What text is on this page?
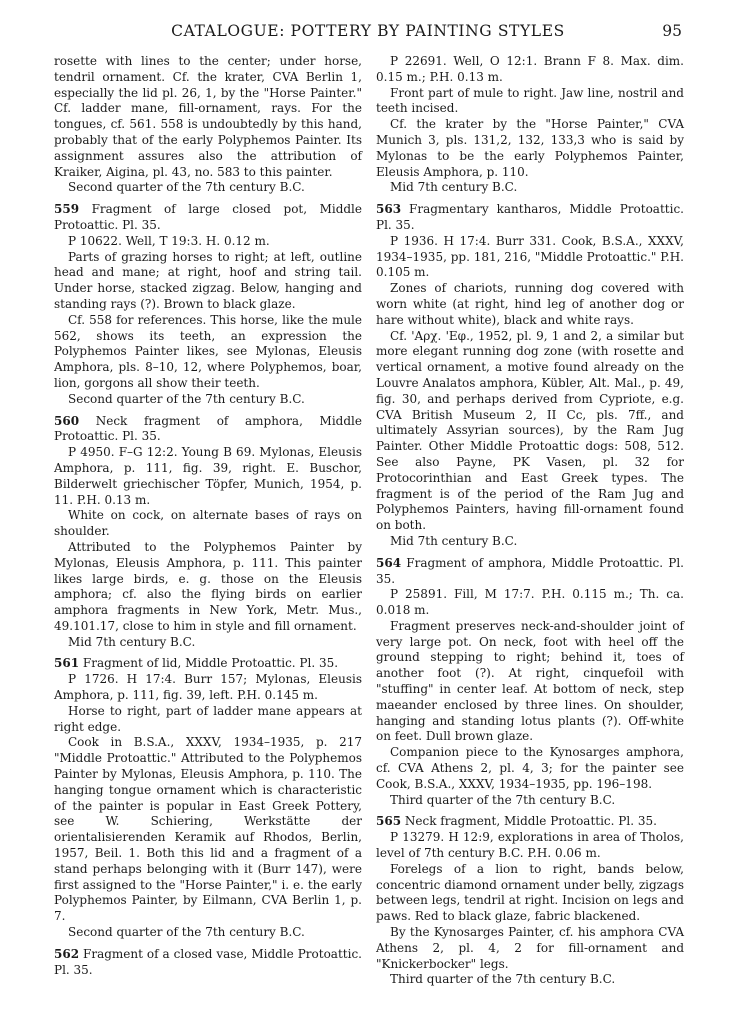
CATALOGUE: POTTERY BY PAINTING STYLES	95

rosette with lines to the center; under horse, tendril ornament. Cf. the krater, CVA Berlin 1, especially the lid pl. 26, 1, by the "Horse Painter." Cf. ladder mane, fill-ornament, rays. For the tongues, cf. 561. 558 is undoubtedly by this hand, probably that of the early Polyphemos Painter. Its assignment assures also the attribution of Kraiker, Aigina, pl. 43, no. 583 to this painter.

Second quarter of the 7th century B.C.

559 Fragment of large closed pot, Middle Protoattic. Pl. 35.

P 10622. Well, T 19:3. H. 0.12 m.

Parts of grazing horses to right; at left, outline head and mane; at right, hoof and string tail. Under horse, stacked zigzag. Below, hanging and standing rays (?). Brown to black glaze.

Cf. 558 for references. This horse, like the mule 562, shows its teeth, an expression the Polyphemos Painter likes, see Mylonas, Eleusis Amphora, pls. 8–10, 12, where Polyphemos, boar, lion, gorgons all show their teeth.

Second quarter of the 7th century B.C.

560 Neck fragment of amphora, Middle Protoattic. Pl. 35.

P 4950. F–G 12:2. Young B 69. Mylonas, Eleusis Amphora, p. 111, fig. 39, right. E. Buschor, Bilderwelt griechischer Töpfer, Munich, 1954, p. 11. P.H. 0.13 m.

White on cock, on alternate bases of rays on shoulder.

Attributed to the Polyphemos Painter by Mylonas, Eleusis Amphora, p. 111. This painter likes large birds, e. g. those on the Eleusis amphora; cf. also the flying birds on earlier amphora fragments in New York, Metr. Mus., 49.101.17, close to him in style and fill ornament.

Mid 7th century B.C.

561 Fragment of lid, Middle Protoattic. Pl. 35.

P 1726. H 17:4. Burr 157; Mylonas, Eleusis Amphora, p. 111, fig. 39, left. P.H. 0.145 m.

Horse to right, part of ladder mane appears at right edge.

Cook in B.S.A., XXXV, 1934–1935, p. 217 "Middle Protoattic." Attributed to the Polyphemos Painter by Mylonas, Eleusis Amphora, p. 110. The hanging tongue ornament which is characteristic of the painter is popular in East Greek Pottery, see W. Schiering, Werkstätte der orientalisierenden Keramik auf Rhodos, Berlin, 1957, Beil. 1. Both this lid and a fragment of a stand perhaps belonging with it (Burr 147), were first assigned to the "Horse Painter," i. e. the early Polyphemos Painter, by Eilmann, CVA Berlin 1, p. 7.

Second quarter of the 7th century B.C.

562 Fragment of a closed vase, Middle Protoattic. Pl. 35.

P 22691. Well, O 12:1. Brann F 8. Max. dim. 0.15 m.; P.H. 0.13 m.

Front part of mule to right. Jaw line, nostril and teeth incised.

Cf. the krater by the "Horse Painter," CVA Munich 3, pls. 131,2, 132, 133,3 who is said by Mylonas to be the early Polyphemos Painter, Eleusis Amphora, p. 110.

Mid 7th century B.C.

563 Fragmentary kantharos, Middle Protoattic. Pl. 35.

P 1936. H 17:4. Burr 331. Cook, B.S.A., XXXV, 1934–1935, pp. 181, 216, "Middle Protoattic." P.H. 0.105 m.

Zones of chariots, running dog covered with worn white (at right, hind leg of another dog or hare without white), black and white rays.

Cf. 'Αρχ. 'Εφ., 1952, pl. 9, 1 and 2, a similar but more elegant running dog zone (with rosette and vertical ornament, a motive found already on the Louvre Analatos amphora, Kübler, Alt. Mal., p. 49, fig. 30, and perhaps derived from Cypriote, e.g. CVA British Museum 2, II Cc, pls. 7ff., and ultimately Assyrian sources), by the Ram Jug Painter. Other Middle Protoattic dogs: 508, 512. See also Payne, PK Vasen, pl. 32 for Protocorinthian and East Greek types. The fragment is of the period of the Ram Jug and Polyphemos Painters, having fill-ornament found on both.

Mid 7th century B.C.

564 Fragment of amphora, Middle Protoattic. Pl. 35.

P 25891. Fill, M 17:7. P.H. 0.115 m.; Th. ca. 0.018 m.

Fragment preserves neck-and-shoulder joint of very large pot. On neck, foot with heel off the ground stepping to right; behind it, toes of another foot (?). At right, cinquefoil with "stuffing" in center leaf. At bottom of neck, step maeander enclosed by three lines. On shoulder, hanging and standing lotus plants (?). Off-white on feet. Dull brown glaze.

Companion piece to the Kynosarges amphora, cf. CVA Athens 2, pl. 4, 3; for the painter see Cook, B.S.A., XXXV, 1934–1935, pp. 196–198.

Third quarter of the 7th century B.C.

565 Neck fragment, Middle Protoattic. Pl. 35.

P 13279. H 12:9, explorations in area of Tholos, level of 7th century B.C. P.H. 0.06 m.

Forelegs of a lion to right, bands below, concentric diamond ornament under belly, zigzags between legs, tendril at right. Incision on legs and paws. Red to black glaze, fabric blackened.

By the Kynosarges Painter, cf. his amphora CVA Athens 2, pl. 4, 2 for fill-ornament and "Knickerbocker" legs.

Third quarter of the 7th century B.C.
